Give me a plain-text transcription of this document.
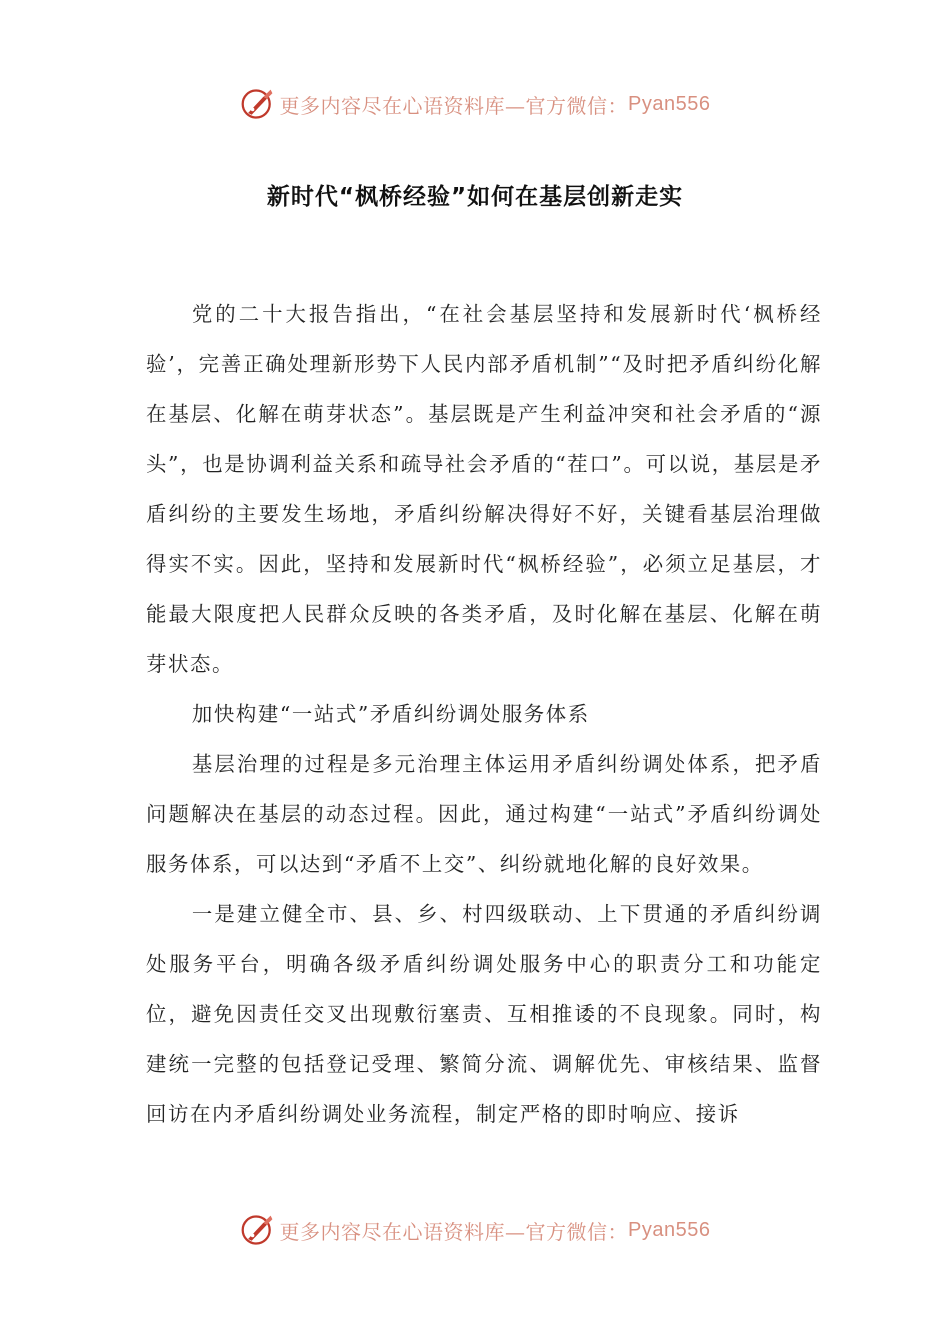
更多内容尽在心语资料库—官方微信： Pyan556
新时代“枫桥经验”如何在基层创新走实

党的二十大报告指出，“在社会基层坚持和发展新时代‘枫桥经验’，完善正确处理新形势下人民内部矛盾机制”“及时把矛盾纠纷化解在基层、化解在萌芽状态”。基层既是产生利益冲突和社会矛盾的“源头”，也是协调利益关系和疏导社会矛盾的“茬口”。可以说，基层是矛盾纠纷的主要发生场地，矛盾纠纷解决得好不好，关键看基层治理做得实不实。因此，坚持和发展新时代“枫桥经验”，必须立足基层，才能最大限度把人民群众反映的各类矛盾，及时化解在基层、化解在萌芽状态。

加快构建“一站式”矛盾纠纷调处服务体系

基层治理的过程是多元治理主体运用矛盾纠纷调处体系，把矛盾问题解决在基层的动态过程。因此，通过构建“一站式”矛盾纠纷调处服务体系，可以达到“矛盾不上交”、纠纷就地化解的良好效果。

一是建立健全市、县、乡、村四级联动、上下贯通的矛盾纠纷调处服务平台，明确各级矛盾纠纷调处服务中心的职责分工和功能定位，避免因责任交叉出现敷衍塞责、互相推诿的不良现象。同时，构建统一完整的包括登记受理、繁简分流、调解优先、审核结果、监督回访在内矛盾纠纷调处业务流程，制定严格的即时响应、接诉

更多内容尽在心语资料库—官方微信： Pyan556
